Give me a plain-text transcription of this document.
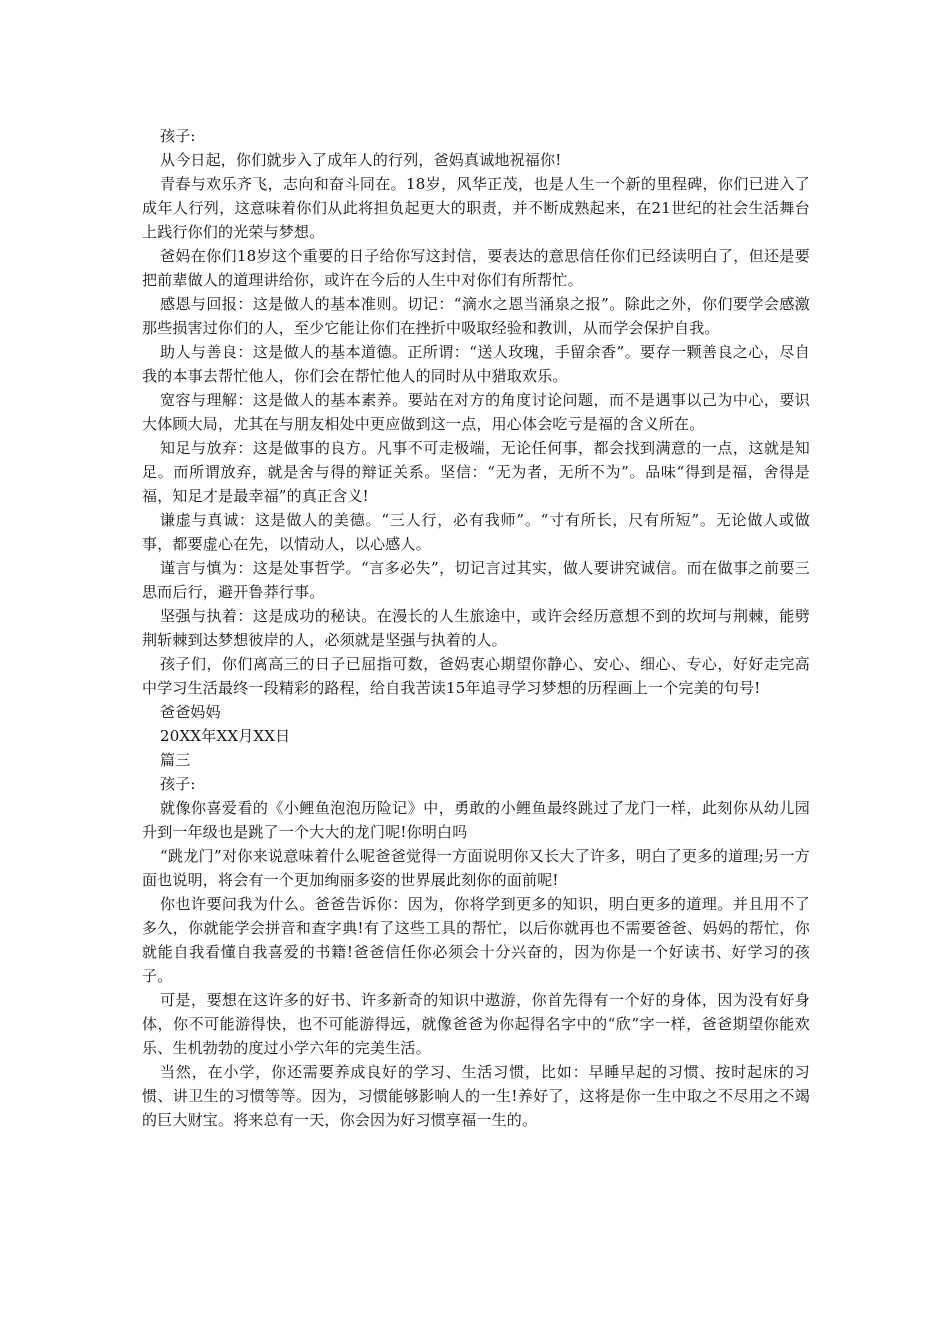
孩子:

从今日起，你们就步入了成年人的行列，爸妈真诚地祝福你!

青春与欢乐齐飞，志向和奋斗同在。18岁，风华正茂，也是人生一个新的里程碑，你们已进入了成年人行列，这意味着你们从此将担负起更大的职责，并不断成熟起来，在21世纪的社会生活舞台上践行你们的光荣与梦想。

爸妈在你们18岁这个重要的日子给你写这封信，要表达的意思信任你们已经读明白了，但还是要把前辈做人的道理讲给你，或许在今后的人生中对你们有所帮忙。

感恩与回报：这是做人的基本准则。切记：“滴水之恩当涌泉之报”。除此之外，你们要学会感激那些损害过你们的人，至少它能让你们在挫折中吸取经验和教训，从而学会保护自我。

助人与善良：这是做人的基本道德。正所谓：“送人玫瑰，手留余香”。要存一颗善良之心，尽自我的本事去帮忙他人，你们会在帮忙他人的同时从中猎取欢乐。

宽容与理解：这是做人的基本素养。要站在对方的角度讨论问题，而不是遇事以己为中心，要识大体顾大局，尤其在与朋友相处中更应做到这一点，用心体会吃亏是福的含义所在。

知足与放弃：这是做事的良方。凡事不可走极端，无论任何事，都会找到满意的一点，这就是知足。而所谓放弃，就是舍与得的辩证关系。坚信：“无为者，无所不为”。品味“得到是福，舍得是福，知足才是最幸福”的真正含义!

谦虚与真诚：这是做人的美德。“三人行，必有我师”。“寸有所长，尺有所短”。无论做人或做事，都要虚心在先，以情动人，以心感人。

谨言与慎为：这是处事哲学。“言多必失”，切记言过其实，做人要讲究诚信。而在做事之前要三思而后行，避开鲁莽行事。

坚强与执着：这是成功的秘诀。在漫长的人生旅途中，或许会经历意想不到的坎坷与荆棘，能劈荆斩棘到达梦想彼岸的人，必须就是坚强与执着的人。

孩子们，你们离高三的日子已屈指可数，爸妈衷心期望你静心、安心、细心、专心，好好走完高中学习生活最终一段精彩的路程，给自我苦读15年追寻学习梦想的历程画上一个完美的句号!

爸爸妈妈

20XX年XX月XX日

篇三

孩子:

就像你喜爱看的《小鲤鱼泡泡历险记》中，勇敢的小鲤鱼最终跳过了龙门一样，此刻你从幼儿园升到一年级也是跳了一个大大的龙门呢!你明白吗

“跳龙门”对你来说意味着什么呢爸爸觉得一方面说明你又长大了许多，明白了更多的道理;另一方面也说明，将会有一个更加绚丽多姿的世界展此刻你的面前呢!

你也许要问我为什么。爸爸告诉你：因为，你将学到更多的知识，明白更多的道理。并且用不了多久，你就能学会拼音和查字典!有了这些工具的帮忙，以后你就再也不需要爸爸、妈妈的帮忙，你就能自我看懂自我喜爱的书籍!爸爸信任你必须会十分兴奋的，因为你是一个好读书、好学习的孩子。

可是，要想在这许多的好书、许多新奇的知识中遨游，你首先得有一个好的身体，因为没有好身体，你不可能游得快，也不可能游得远，就像爸爸为你起得名字中的“欣”字一样，爸爸期望你能欢乐、生机勃勃的度过小学六年的完美生活。

当然，在小学，你还需要养成良好的学习、生活习惯，比如：早睡早起的习惯、按时起床的习惯、讲卫生的习惯等等。因为，习惯能够影响人的一生!养好了，这将是你一生中取之不尽用之不竭的巨大财宝。将来总有一天，你会因为好习惯享福一生的。
